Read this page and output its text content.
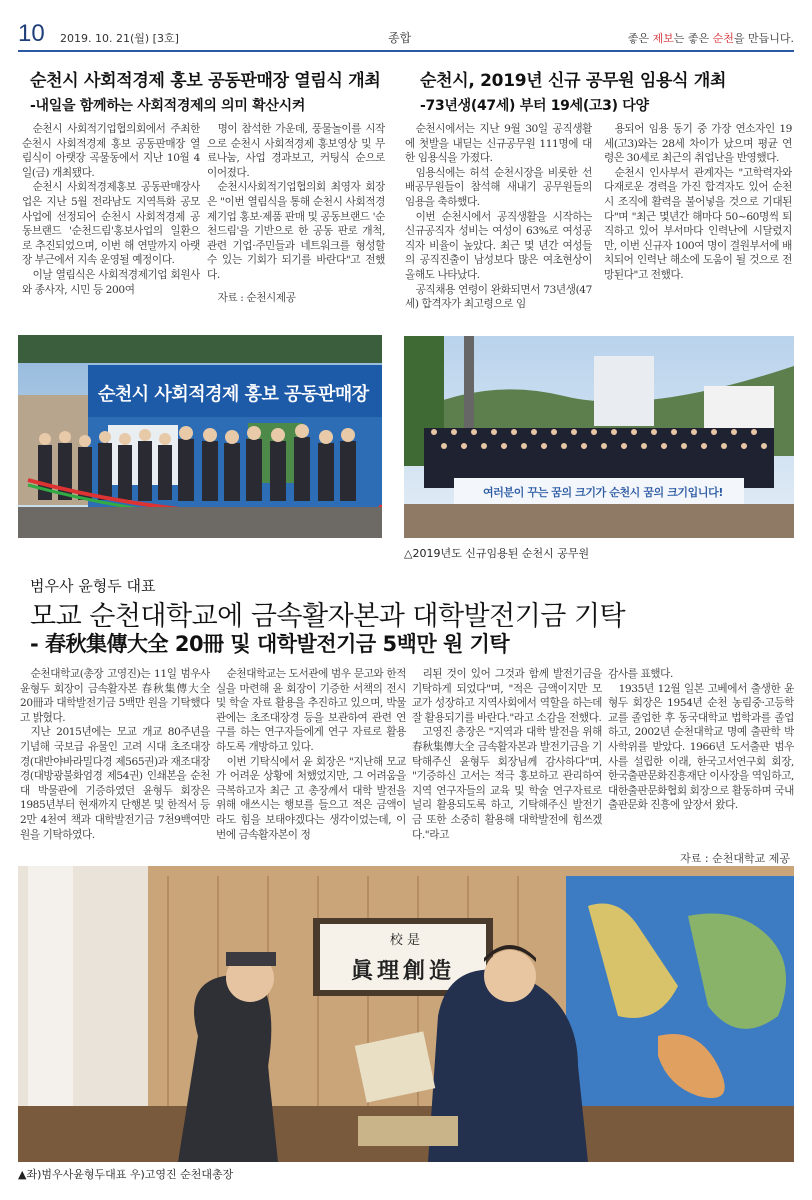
10 2019. 10. 21(월) [3호]	종합	좋은 제보는 좋은 순천을 만듭니다.
순천시 사회적경제 홍보 공동판매장 열림식 개최
-내일을 함께하는 사회적경제의 의미 확산시켜

순천시 사회적기업협의회에서 주최한 순천시 사회적경제 홍보 공동판매장 열림식이 아랫장 곡물동에서 지난 10월 4일(금) 개최됐다.

순천시 사회적경제홍보 공동판매장사업은 지난 5월 전라남도 지역특화 공모사업에 선정되어 순천시 사회적경제 공동브랜드 '순천드림'홍보사업의 일환으로 추진되었으며, 이번 해 연말까지 아랫장 부근에서 지속 운영될 예정이다.

이날 열림식은 사회적경제기업 회원사와 종사자, 시민 등 200여

명이 참석한 가운데, 풍물놀이를 시작으로 순천시 사회적경제 홍보영상 및 무료나눔, 사업 경과보고, 커팅식 순으로 이어졌다.

순천시사회적기업협의회 최영자 회장은 "이번 열림식을 통해 순천시 사회적경제기업 홍보·제품 판매 및 공동브랜드 '순천드림'을 기반으로 한 공동 판로 개척, 관련 기업·주민들과 네트워크를 형성할 수 있는 기회가 되기를 바란다"고 전했다.

자료 : 순천시제공

순천시 사회적경제 홍보 공동판매장
순천시, 2019년 신규 공무원 임용식 개최
-73년생(47세) 부터 19세(고3) 다양

순천시에서는 지난 9월 30일 공직생활에 첫발을 내딛는 신규공무원 111명에 대한 임용식을 가졌다.

임용식에는 허석 순천시장을 비롯한 선배공무원들이 참석해 새내기 공무원들의 임용을 축하했다.

이번 순천시에서 공직생활을 시작하는 신규공직자 성비는 여성이 63%로 여성공직자 비율이 높았다. 최근 몇 년간 여성들의 공직진출이 남성보다 많은 여초현상이 올해도 나타났다.

공직채용 연령이 완화되면서 73년생(47세) 합격자가 최고령으로 임

용되어 임용 동기 중 가장 연소자인 19세(고3)와는 28세 차이가 났으며 평균 연령은 30세로 최근의 취업난을 반영했다.

순천시 인사부서 관계자는 "고학력자와 다재로운 경력을 가진 합격자도 있어 순천시 조직에 활력을 불어넣을 것으로 기대된다"며 "최근 몇년간 해마다 50~60명씩 퇴직하고 있어 부서마다 인력난에 시달렸지만, 이번 신규자 100여 명이 결원부서에 배치되어 인력난 해소에 도움이 될 것으로 전망된다"고 전했다.

여러분이 꾸는 꿈의 크기가 순천시 꿈의 크기입니다!
△2019년도 신규임용된 순천시 공무원
범우사 윤형두 대표
모교 순천대학교에 금속활자본과 대학발전기금 기탁
- 春秋集傳大全 20冊 및 대학발전기금 5백만 원 기탁

순천대학교(총장 고영진)는 11일 범우사 윤형두 회장이 금속활자본 春秋集傳大全 20冊과 대학발전기금 5백만 원을 기탁했다고 밝혔다.

지난 2015년에는 모교 개교 80주년을 기념해 국보급 유물인 고려 시대 초조대장경(대반야바라밀다경 제565권)과 재조대장경(대방광불화엄경 제54권) 인쇄본을 순천대 박물관에 기증하였던 윤형두 회장은 1985년부터 현재까지 단행본 및 한적서 등 2만 4천여 책과 대학발전기금 7천9백여만 원을 기탁하였다.

순천대학교는 도서관에 범우 문고와 한적실을 마련해 윤 회장이 기증한 서책의 전시 및 학술 자료 활용을 추진하고 있으며, 박물관에는 초조대장경 등을 보관하여 관련 연구를 하는 연구자들에게 연구 자료로 활용하도록 개방하고 있다.

이번 기탁식에서 윤 회장은 "지난해 모교가 어려운 상황에 처했었지만, 그 어려움을 극복하고자 최근 고 총장께서 대학 발전을 위해 애쓰시는 행보를 들으고 적은 금액이라도 힘을 보태야겠다는 생각이었는데, 이번에 금속활자본이 정

리된 것이 있어 그것과 함께 발전기금을 기탁하게 되었다"며, "적은 금액이지만 모교가 성장하고 지역사회에서 역할을 하는데 잘 활용되기를 바란다."라고 소감을 전했다.

고영진 총장은 "지역과 대학 발전을 위해 春秋集傳大全 금속활자본과 발전기금을 기탁해주신 윤형두 회장님께 감사하다"며, "기증하신 고서는 적극 홍보하고 관리하여 지역 연구자들의 교육 및 학술 연구자료로 널리 활용되도록 하고, 기탁해주신 발전기금 또한 소중히 활용해 대학발전에 힘쓰겠다."라고

감사를 표했다.

1935년 12월 일본 고베에서 출생한 윤형두 회장은 1954년 순천 농림중·고등학교를 졸업한 후 동국대학교 법학과를 졸업하고, 2002년 순천대학교 명예 출판학 박사학위를 받았다. 1966년 도서출판 범우사를 설립한 이래, 한국고서연구회 회장, 한국출판문화진흥재단 이사장을 역임하고, 대한출판문화협회 회장으로 활동하며 국내 출판문화 진흥에 앞장서 왔다.

자료 : 순천대학교 제공
校 是
眞理創造
▲좌)범우사윤형두대표 우)고영진 순천대총장
